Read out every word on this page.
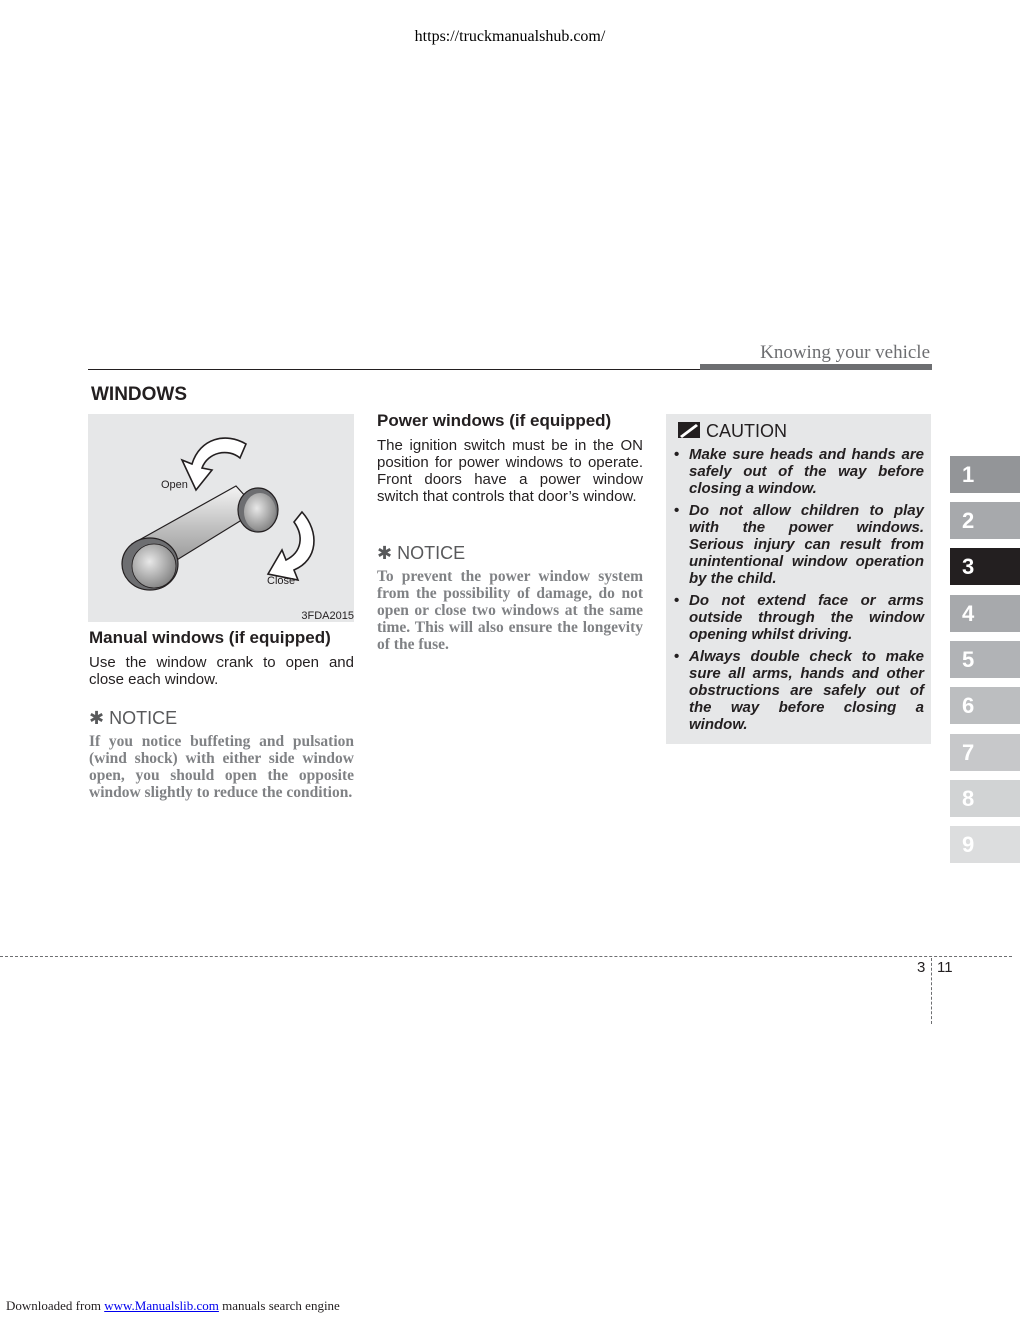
https://truckmanualshub.com/
Knowing your vehicle
WINDOWS
Open
Close
3FDA2015
Manual windows (if equipped)
Use the window crank to open and close each window.
✱ NOTICE
If you notice buffeting and pulsation (wind shock) with either side window open, you should open the opposite window slightly to reduce the condition.
Power windows (if equipped)
The ignition switch must be in the ON position for power windows to operate. Front doors have a power window switch that controls that door’s window.
✱ NOTICE
To prevent the power window system from the possibility of damage, do not open or close two windows at the same time. This will also ensure the longevity of the fuse.
CAUTION
• Make sure heads and hands are safely out of the way before closing a window.
• Do not allow children to play with the power windows. Serious injury can result from unintentional window operation by the child.
• Do not extend face or arms outside through the window opening whilst driving.
• Always double check to make sure all arms, hands and other obstructions are safely out of the way before closing a window.
1
2
3
4
5
6
7
8
9
3 11
Downloaded from www.Manualslib.com manuals search engine
